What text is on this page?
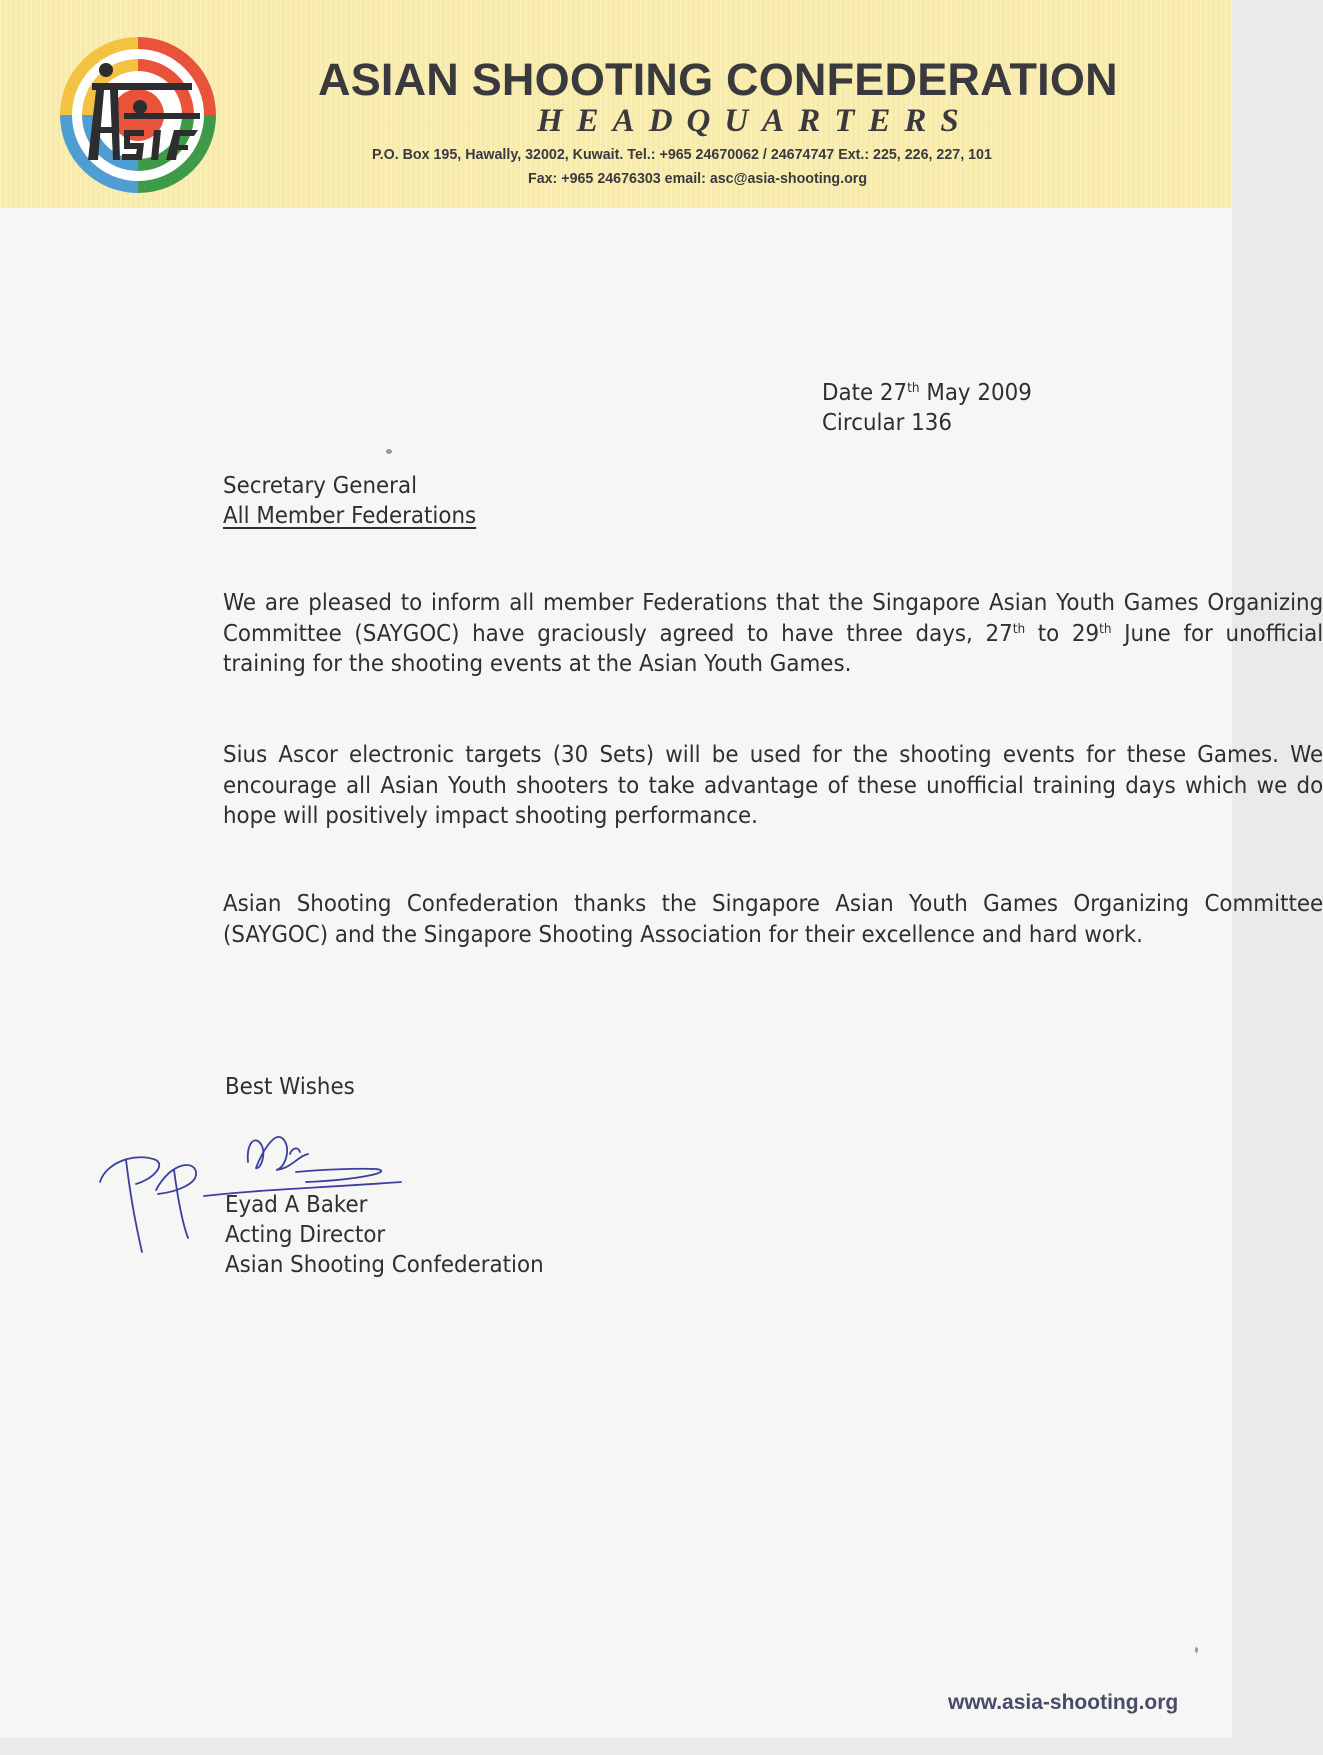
ASIAN SHOOTING CONFEDERATION
HEADQUARTERS
P.O. Box 195, Hawally, 32002, Kuwait. Tel.: +965 24670062 / 24674747 Ext.: 225, 226, 227, 101
Fax: +965 24676303 email: asc@asia-shooting.org
Date 27th May 2009
Circular 136
Secretary General
All Member Federations
We are pleased to inform all member Federations that the Singapore Asian Youth Games Organizing Committee (SAYGOC) have graciously agreed to have three days, 27th to 29th June for unofficial training for the shooting events at the Asian Youth Games.
Sius Ascor electronic targets (30 Sets) will be used for the shooting events for these Games. We encourage all Asian Youth shooters to take advantage of these unofficial training days which we do hope will positively impact shooting performance.
Asian Shooting Confederation thanks the Singapore Asian Youth Games Organizing Committee (SAYGOC) and the Singapore Shooting Association for their excellence and hard work.
Best Wishes
Eyad A Baker
Acting Director
Asian Shooting Confederation
www.asia-shooting.org
